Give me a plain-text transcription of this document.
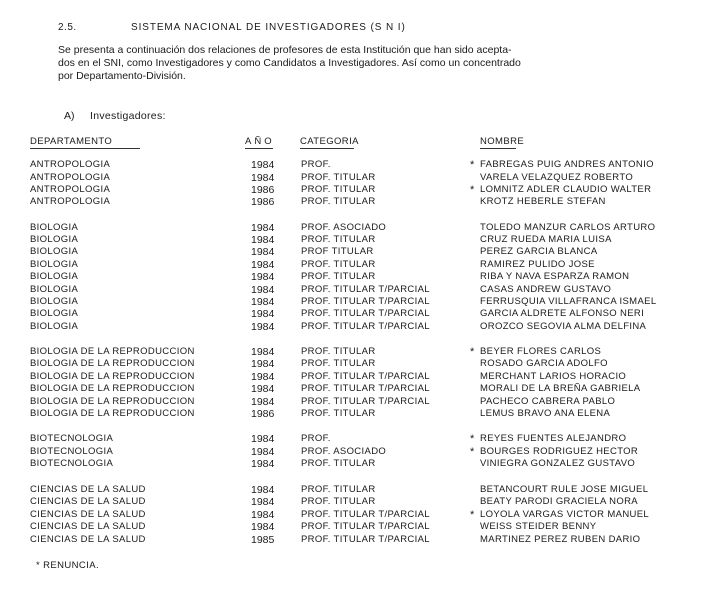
2.5.	SISTEMA NACIONAL DE INVESTIGADORES (S N I)
Se presenta a continuación dos relaciones de profesores de esta Institución que han sido acepta-
dos en el SNI, como Investigadores y como Candidatos a Investigadores. Así como un concentrado
por Departamento-División.
A) Investigadores:
DEPARTAMENTO	AÑO	CATEGORIA	NOMBRE
ANTROPOLOGIA	1984	PROF.	* FABREGAS PUIG ANDRES ANTONIO
ANTROPOLOGIA	1984	PROF. TITULAR	VARELA VELAZQUEZ ROBERTO
ANTROPOLOGIA	1986	PROF. TITULAR	* LOMNITZ ADLER CLAUDIO WALTER
ANTROPOLOGIA	1986	PROF. TITULAR	KROTZ HEBERLE STEFAN
BIOLOGIA	1984	PROF. ASOCIADO	TOLEDO MANZUR CARLOS ARTURO
BIOLOGIA	1984	PROF. TITULAR	CRUZ RUEDA MARIA LUISA
BIOLOGIA	1984	PROF TITULAR	PEREZ GARCIA BLANCA
BIOLOGIA	1984	PROF. TITULAR	RAMIREZ PULIDO JOSE
BIOLOGIA	1984	PROF. TITULAR	RIBA Y NAVA ESPARZA RAMON
BIOLOGIA	1984	PROF. TITULAR T/PARCIAL	CASAS ANDREW GUSTAVO
BIOLOGIA	1984	PROF. TITULAR T/PARCIAL	FERRUSQUIA VILLAFRANCA ISMAEL
BIOLOGIA	1984	PROF. TITULAR T/PARCIAL	GARCIA ALDRETE ALFONSO NERI
BIOLOGIA	1984	PROF. TITULAR T/PARCIAL	OROZCO SEGOVIA ALMA DELFINA
BIOLOGIA DE LA REPRODUCCION	1984	PROF. TITULAR	* BEYER FLORES CARLOS
BIOLOGIA DE LA REPRODUCCION	1984	PROF. TITULAR	ROSADO GARCIA ADOLFO
BIOLOGIA DE LA REPRODUCCION	1984	PROF. TITULAR T/PARCIAL	MERCHANT LARIOS HORACIO
BIOLOGIA DE LA REPRODUCCION	1984	PROF. TITULAR T/PARCIAL	MORALI DE LA BREÑA GABRIELA
BIOLOGIA DE LA REPRODUCCION	1984	PROF. TITULAR T/PARCIAL	PACHECO CABRERA PABLO
BIOLOGIA DE LA REPRODUCCION	1986	PROF. TITULAR	LEMUS BRAVO ANA ELENA
BIOTECNOLOGIA	1984	PROF.	* REYES FUENTES ALEJANDRO
BIOTECNOLOGIA	1984	PROF. ASOCIADO	* BOURGES RODRIGUEZ HECTOR
BIOTECNOLOGIA	1984	PROF. TITULAR	VINIEGRA GONZALEZ GUSTAVO
CIENCIAS DE LA SALUD	1984	PROF. TITULAR	BETANCOURT RULE JOSE MIGUEL
CIENCIAS DE LA SALUD	1984	PROF. TITULAR	BEATY PARODI GRACIELA NORA
CIENCIAS DE LA SALUD	1984	PROF. TITULAR T/PARCIAL	* LOYOLA VARGAS VICTOR MANUEL
CIENCIAS DE LA SALUD	1984	PROF. TITULAR T/PARCIAL	WEISS STEIDER BENNY
CIENCIAS DE LA SALUD	1985	PROF. TITULAR T/PARCIAL	MARTINEZ PEREZ RUBEN DARIO
* RENUNCIA.
